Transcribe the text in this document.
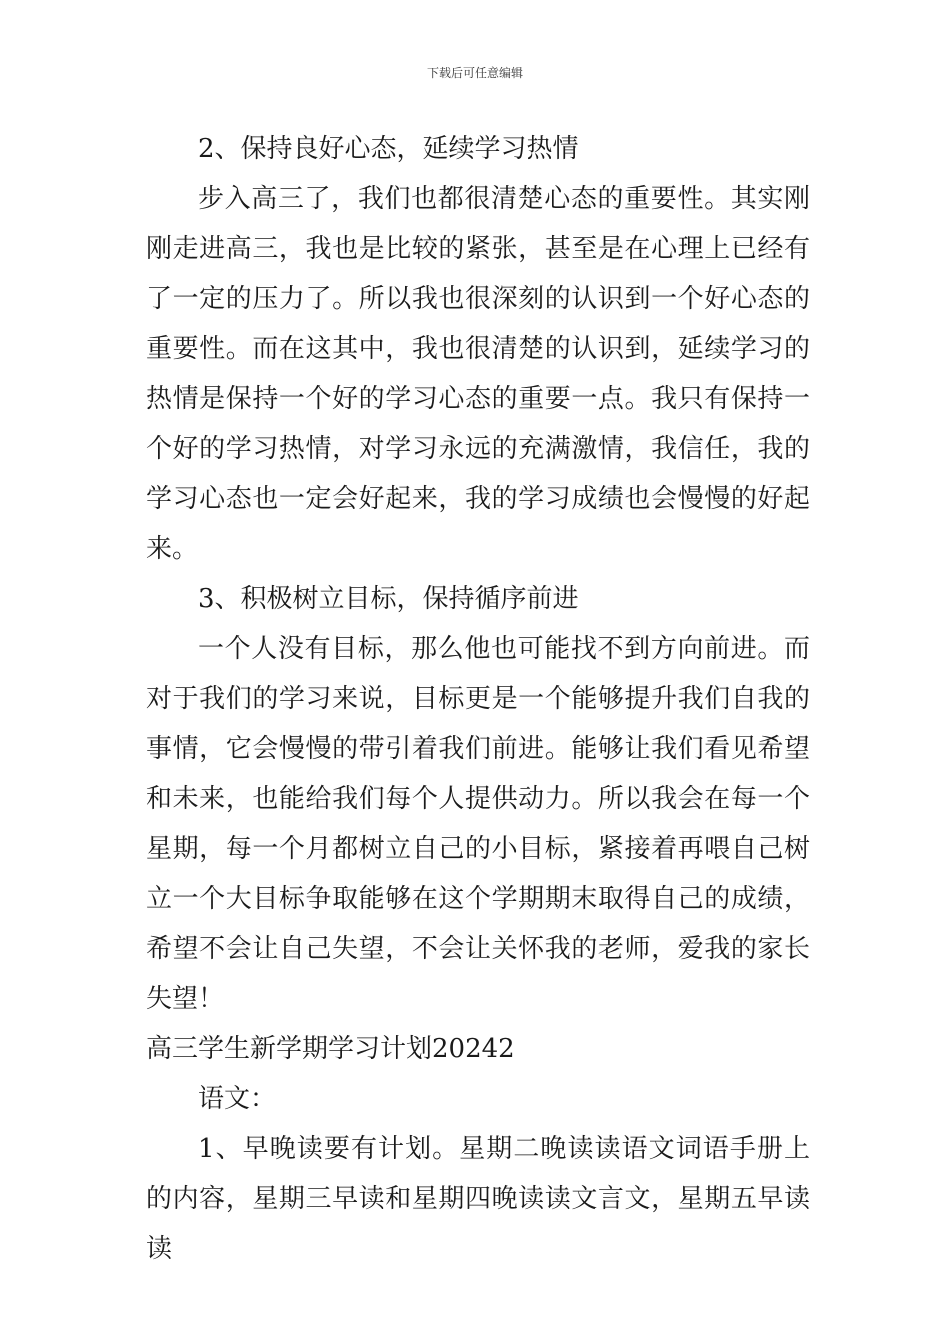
下载后可任意编辑

2、保持良好心态，延续学习热情

步入高三了，我们也都很清楚心态的重要性。其实刚刚走进高三，我也是比较的紧张，甚至是在心理上已经有了一定的压力了。所以我也很深刻的认识到一个好心态的重要性。而在这其中，我也很清楚的认识到，延续学习的热情是保持一个好的学习心态的重要一点。我只有保持一个好的学习热情，对学习永远的充满激情，我信任，我的学习心态也一定会好起来，我的学习成绩也会慢慢的好起来。

3、积极树立目标，保持循序前进

一个人没有目标，那么他也可能找不到方向前进。而对于我们的学习来说，目标更是一个能够提升我们自我的事情，它会慢慢的带引着我们前进。能够让我们看见希望和未来，也能给我们每个人提供动力。所以我会在每一个星期，每一个月都树立自己的小目标，紧接着再喂自己树立一个大目标争取能够在这个学期期末取得自己的成绩，希望不会让自己失望，不会让关怀我的老师，爱我的家长失望！

高三学生新学期学习计划20242

语文：

1、早晚读要有计划。星期二晚读读语文词语手册上的内容，星期三早读和星期四晚读读文言文，星期五早读读
